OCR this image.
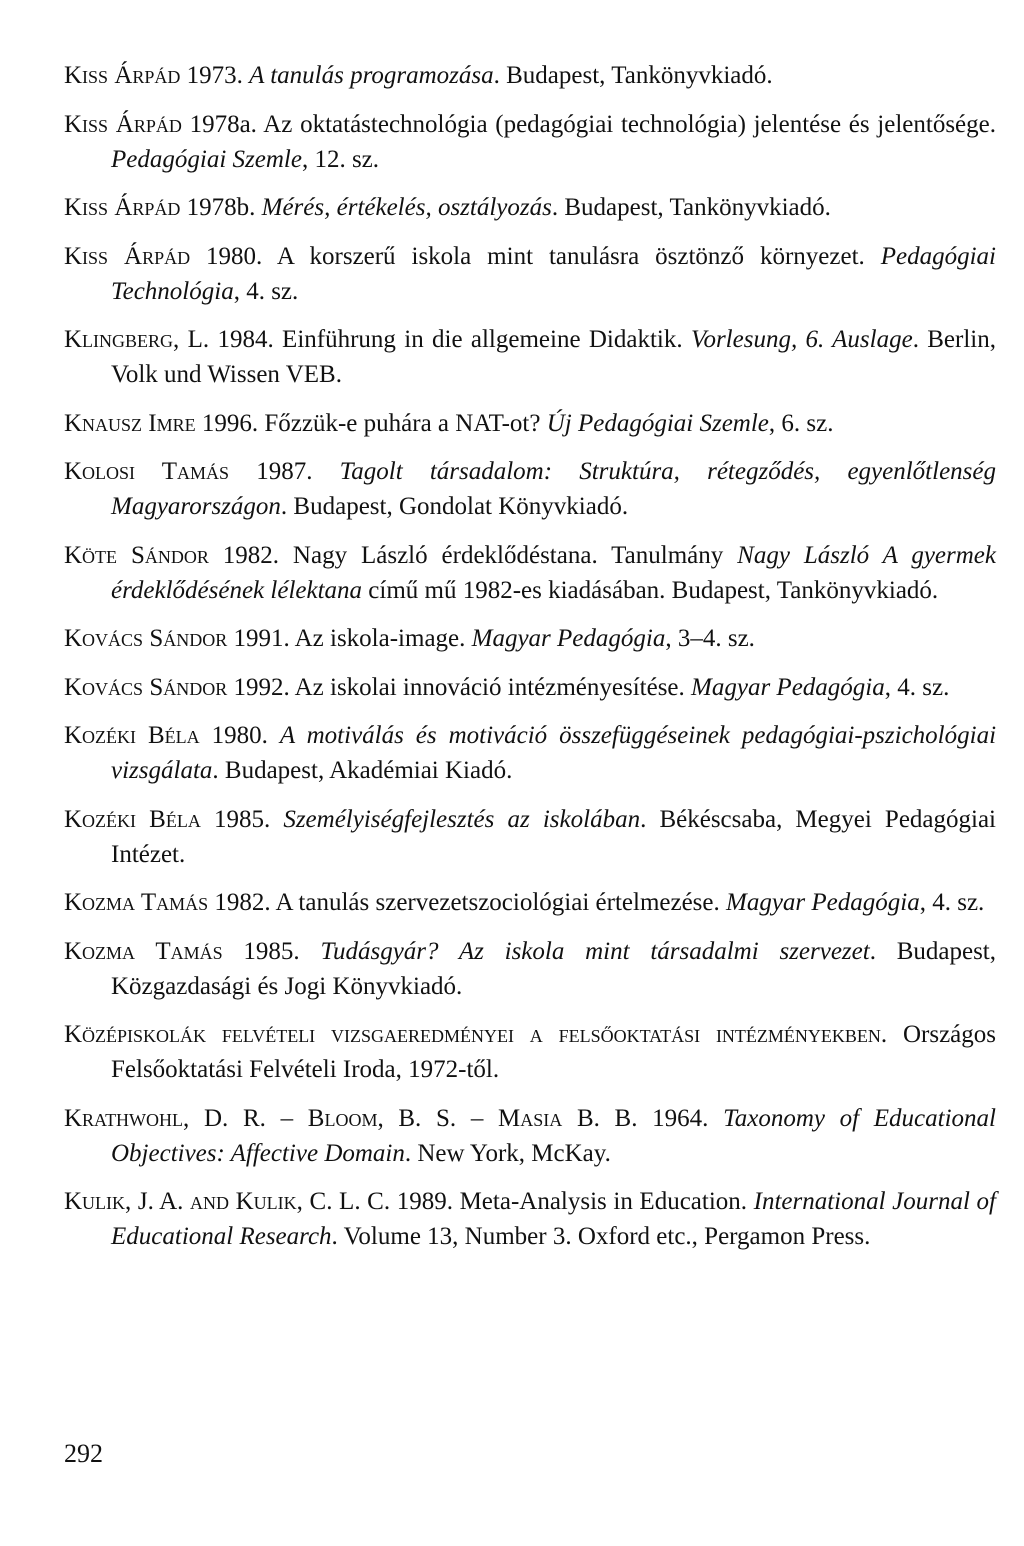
Kiss Árpád 1973. A tanulás programozása. Budapest, Tankönyvkiadó.

Kiss Árpád 1978a. Az oktatástechnológia (pedagógiai technológia) jelentése és jelentősége. Pedagógiai Szemle, 12. sz.

Kiss Árpád 1978b. Mérés, értékelés, osztályozás. Budapest, Tankönyvkiadó.

Kiss Árpád 1980. A korszerű iskola mint tanulásra ösztönző környezet. Pedagógiai Technológia, 4. sz.

Klingberg, L. 1984. Einführung in die allgemeine Didaktik. Vorlesung, 6. Auslage. Berlin, Volk und Wissen VEB.

Knausz Imre 1996. Főzzük-e puhára a NAT-ot? Új Pedagógiai Szemle, 6. sz.

Kolosi Tamás 1987. Tagolt társadalom: Struktúra, rétegződés, egyenlőtlenség Magyarországon. Budapest, Gondolat Könyvkiadó.

Köte Sándor 1982. Nagy László érdeklődéstana. Tanulmány Nagy László A gyermek érdeklődésének lélektana című mű 1982-es kiadásában. Budapest, Tankönyvkiadó.

Kovács Sándor 1991. Az iskola-image. Magyar Pedagógia, 3–4. sz.

Kovács Sándor 1992. Az iskolai innováció intézményesítése. Magyar Pedagógia, 4. sz.

Kozéki Béla 1980. A motiválás és motiváció összefüggéseinek pedagógiai-pszichológiai vizsgálata. Budapest, Akadémiai Kiadó.

Kozéki Béla 1985. Személyiségfejlesztés az iskolában. Békéscsaba, Megyei Pedagógiai Intézet.

Kozma Tamás 1982. A tanulás szervezetszociológiai értelmezése. Magyar Pedagógia, 4. sz.

Kozma Tamás 1985. Tudásgyár? Az iskola mint társadalmi szervezet. Budapest, Közgazdasági és Jogi Könyvkiadó.

Középiskolák felvételi vizsgaeredményei a felsőoktatási intézményekben. Országos Felsőoktatási Felvételi Iroda, 1972-től.

Krathwohl, D. R. – Bloom, B. S. – Masia B. B. 1964. Taxonomy of Educational Objectives: Affective Domain. New York, McKay.

Kulik, J. A. and Kulik, C. L. C. 1989. Meta-Analysis in Education. International Journal of Educational Research. Volume 13, Number 3. Oxford etc., Pergamon Press.

292
